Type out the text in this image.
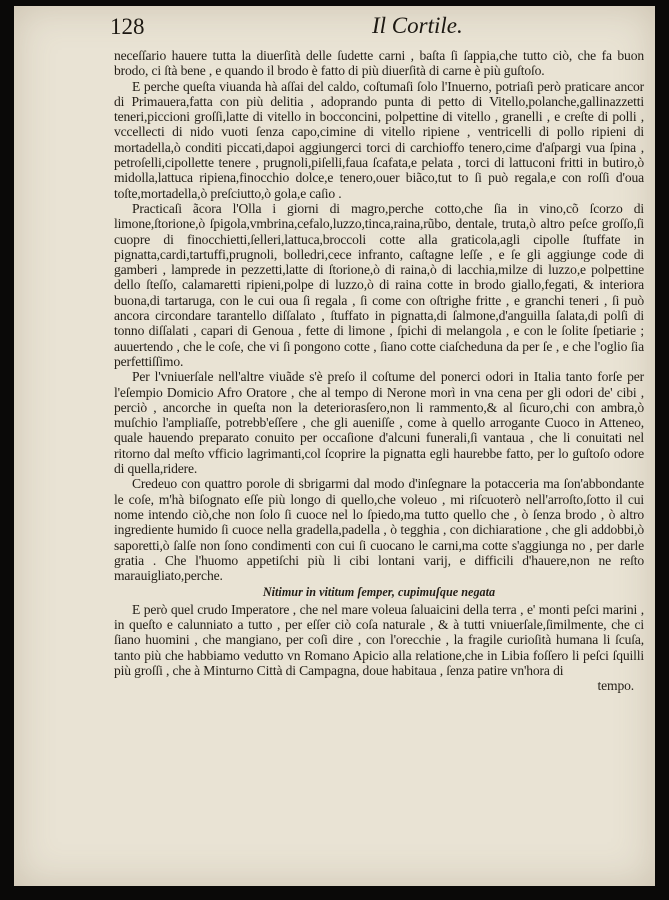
128	Il Cortile.

neceſſario hauere tutta la diuerſità delle ſudette carni , baſta ſi ſappia,che tutto ciò, che fa buon brodo, ci ſtà bene , e quando il brodo è fatto di più diuerſità di carne è più guſtoſo.

E perche queſta viuanda hà aſſai del caldo, coſtumaſi ſolo l'Inuerno, potriaſi però praticare ancor di Primauera,fatta con più delitia , adoprando punta di petto di Vitello,polanche,gallinazzetti teneri,piccioni groſſi,latte di vitello in bocconcini, polpettine di vitello , granelli , e creſte di polli , vccellecti di nido vuoti ſenza capo,cimine di vitello ripiene , ventricelli di pollo ripieni di mortadella,ò conditi piccati,dapoi aggiungerci torci di carchioffo tenero,cime d'aſpargi vua ſpina , petroſelli,cipollette tenere , prugnoli,piſelli,faua ſcafata,e pelata , torci di lattuconi fritti in butiro,ò midolla,lattuca ripiena,finocchio dolce,e tenero,ouer biãco,tut to ſi può regala,e con roſſi d'oua toſte,mortadella,ò preſciutto,ò gola,e caſio .

Practicaſi ãcora l'Olla i giorni di magro,perche cotto,che ſia in vino,cõ ſcorzo di limone,ſtorione,ò ſpigola,vmbrina,cefalo,luzzo,tinca,raina,rũbo, dentale, truta,ò altro peſce groſſo,ſi cuopre di finocchietti,ſelleri,lattuca,broccoli cotte alla graticola,agli cipolle ſtuffate in pignatta,cardi,tartuffi,prugnoli, bolledri,cece infranto, caſtagne leſſe , e ſe gli aggiunge code di gamberi , lamprede in pezzetti,latte di ſtorione,ò di raina,ò di lacchia,milze di luzzo,e polpettine dello ſteſſo, calamaretti ripieni,polpe di luzzo,ò di raina cotte in brodo giallo,fegati, & interiora buona,di tartaruga, con le cui oua ſi regala , ſi come con oſtrighe fritte , e granchi teneri , ſi può ancora circondare tarantello diſſalato , ſtuffato in pignatta,di ſalmone,d'anguilla ſalata,di polſi di tonno diſſalati , capari di Genoua , fette di limone , ſpichi di melangola , e con le ſolite ſpetiarie ; auuertendo , che le coſe, che vi ſi pongono cotte , ſiano cotte ciaſcheduna da per ſe , e che l'oglio ſia perfettiſſimo.

Per l'vniuerſale nell'altre viuãde s'è preſo il coſtume del ponerci odori in Italia tanto forſe per l'eſempio Domicio Afro Oratore , che al tempo di Nerone morì in vna cena per gli odori de' cibi , perciò , ancorche in queſta non la deteriorasſero,non li rammento,& al ſicuro,chi con ambra,ò muſchio l'ampliaſſe, potrebb'eſſere , che gli aueniſſe , come à quello arrogante Cuoco in Atteneo, quale hauendo preparato conuito per occaſione d'alcuni funerali,ſi vantaua , che li conuitati nel ritorno dal meſto vfficio lagrimanti,col ſcoprire la pignatta egli haurebbe fatto, per lo guſtoſo odore di quella,ridere.

Credeuo con quattro porole di sbrigarmi dal modo d'inſegnare la potacceria ma ſon'abbondante le coſe, m'hà biſognato eſſe più longo di quello,che voleuo , mi riſcuoterò nell'arroſto,ſotto il cui nome intendo ciò,che non ſolo ſi cuoce nel lo ſpiedo,ma tutto quello che , ò ſenza brodo , ò altro ingrediente humido ſi cuoce nella gradella,padella , ò tegghia , con dichiaratione , che gli addobbi,ò saporetti,ò ſalſe non ſono condimenti con cui ſi cuocano le carni,ma cotte s'aggiunga no , per darle gratia . Che l'huomo appetiſchi più li cibi lontani varij, e difficili d'hauere,non ne reſto marauigliato,perche.

Nitimur in vititum ſemper, cupimuſque negata

E però quel crudo Imperatore , che nel mare voleua ſaluaicini della terra , e' monti peſci marini , in queſto e calunniato a tutto , per eſſer ciò coſa naturale , & à tutti vniuerſale,ſimilmente, che ci ſiano huomini , che mangiano, per coſi dire , con l'orecchie , la fragile curioſità humana li ſcuſa, tanto più che habbiamo vedutto vn Romano Apicio alla relatione,che in Libia foſſero li peſci ſquilli più groſſi , che à Minturno Città di Campagna, doue habitaua , ſenza patire vn'hora di

tempo.
